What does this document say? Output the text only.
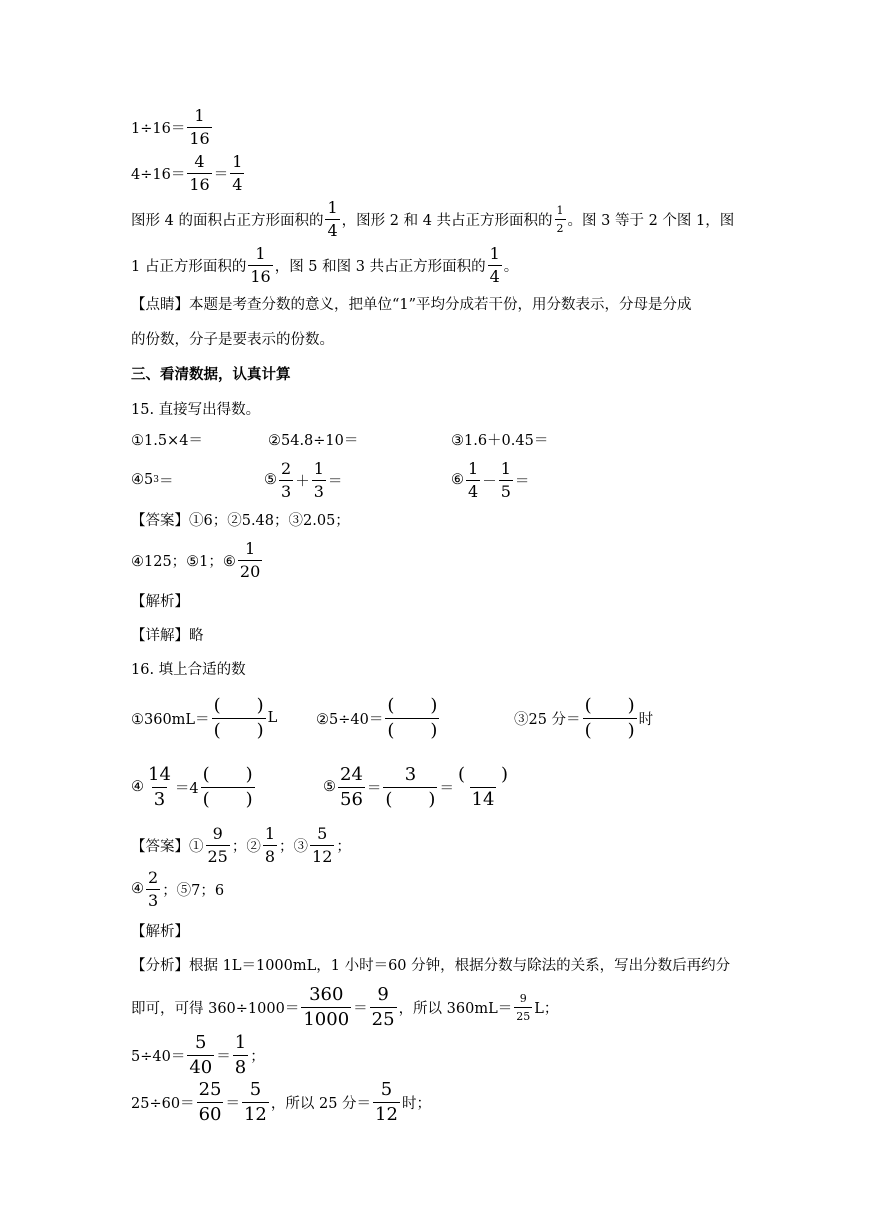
$1\div 16= \frac{1}{16}$
$4\div 16= \frac{4}{16} = \frac{1}{4}$
图形 4 的面积占正方形面积的 $\frac{1}{4}$ ，图形 2 和 4 共占正方形面积的 $\frac{1}{2}$ 。图 3 等于 2 个图 1，图
1 占正方形面积的 $\frac{1}{16}$ ，图 5 和图 3 共占正方形面积的 $\frac{1}{4}$ 。
【点睛】本题是考查分数的意义，把单位“1”平均分成若干份，用分数表示，分母是分成
的份数，分子是要表示的份数。
三、看清数据，认真计算
15. 直接写出得数。
①1.5×4＝	②54.8÷10＝	③1.6＋0.45＝
④5 3 ＝	⑤ $\frac{2}{3} + \frac{1}{3}$ ＝	⑥ $\frac{1}{4} - \frac{1}{5}$ ＝
【答案】①6；②5.48；③2.05；
④125；⑤1；⑥ $\frac{1}{20}$
【解析】
【详解】略
16. 填上合适的数
①360mL＝ $\frac{( )}{( )}$ L	②5÷40＝ $\frac{( )}{( )}$	③25 分＝ $\frac{( )}{( )}$ 时
④ $\frac{14}{3} =4 \frac{( )}{( )}$	⑤ $\frac{24}{56} = \frac{3}{( )} = \frac{( )}{14}$
【答案】① $\frac{9}{25}$ ；② $\frac{1}{8}$ ；③ $\frac{5}{12}$ ；
④ $\frac{2}{3}$ ；⑤7；6
【解析】
【分析】根据 1L＝1000mL，1 小时＝60 分钟，根据分数与除法的关系，写出分数后再约分
即可，可得 $360\div 1000= \frac{360}{1000} = \frac{9}{25}$ ，所以 $360mL= \frac{9}{25}$ L；
$5\div 40= \frac{5}{40} = \frac{1}{8}$ ；
$25\div 60= \frac{25}{60} = \frac{5}{12}$ ，所以 25 分＝ $\frac{5}{12}$ 时；
